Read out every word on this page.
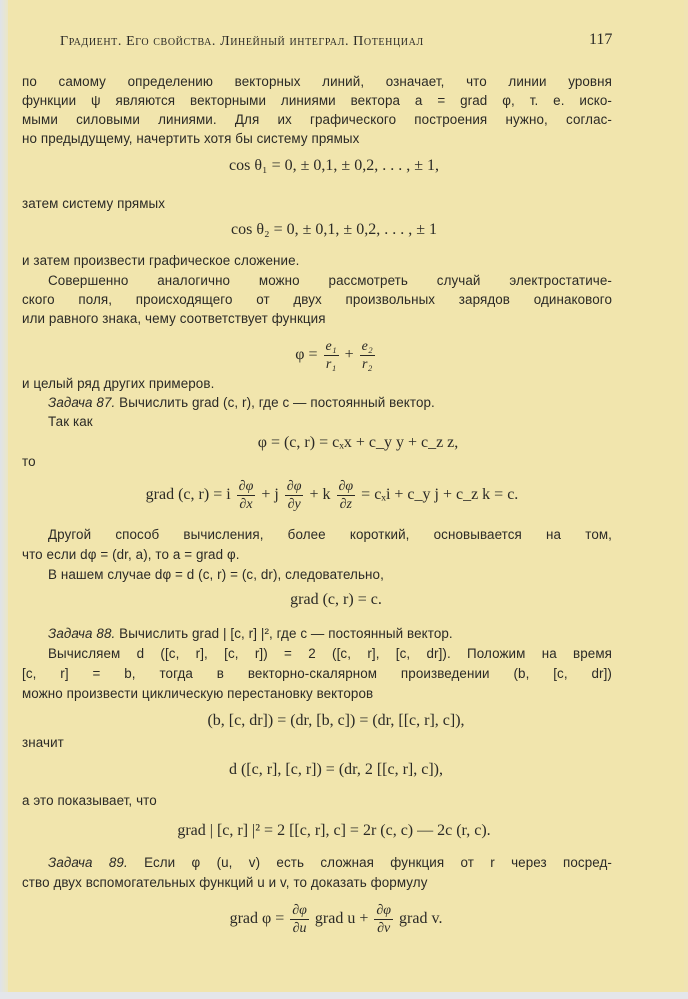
Градиент. Его свойства. Линейный интеграл. Потенциал	117
по самому определению векторных линий, означает, что линии уровня
функции ψ являются векторными линиями вектора a = grad φ, т. е. иско-
мыми силовыми линиями. Для их графического построения нужно, соглас-
но предыдущему, начертить хотя бы систему прямых
cos θ₁ = 0, ± 0,1, ± 0,2, . . . , ± 1,
затем систему прямых
cos θ₂ = 0, ± 0,1, ± 0,2, . . . , ± 1
и затем произвести графическое сложение.
Совершенно аналогично можно рассмотреть случай электростатиче-
ского поля, происходящего от двух произвольных зарядов одинакового
или равного знака, чему соответствует функция
$\varphi = \frac{\text{e₁}}{\text{r₁}} + \frac{\text{e₂}}{\text{r₂}}$
и целый ряд других примеров.
Задача 87. Вычислить grad (c, r), где c — постоянный вектор.
Так как
φ = (c, r) = cₓx + c_y y + c_z z,
то
grad (c, r) = i $\frac{\partial\varphi}{\partial x} + j \frac{\partial\varphi}{\partial y} + k \frac{\partial\varphi}{\partial z} = c_xi$ + c_y j + c_z k = c.
Другой способ вычисления, более короткий, основывается на том,
что если dφ = (dr, a), то a = grad φ.
В нашем случае dφ = d (c, r) = (c, dr), следовательно,
grad (c, r) = c.
Задача 88. Вычислить grad | [c, r] |², где c — постоянный вектор.
Вычисляем d ([c, r], [c, r]) = 2 ([c, r], [c, dr]). Положим на время
[c, r] = b, тогда в векторно-скалярном произведении (b, [c, dr])
можно произвести циклическую перестановку векторов
(b, [c, dr]) = (dr, [b, c]) = (dr, [[c, r], c]),
значит
d ([c, r], [c, r]) = (dr, 2 [[c, r], c]),
а это показывает, что
grad | [c, r] |² = 2 [[c, r], c] = 2r (c, c) — 2c (r, c).
Задача 89. Если φ (u, v) есть сложная функция от r через посред-
ство двух вспомогательных функций u и v, то доказать формулу
grad $\varphi = \frac{\partial\varphi}{\partial u}$ grad $u + \frac{\partial\varphi}{\partial v}$ grad v.
